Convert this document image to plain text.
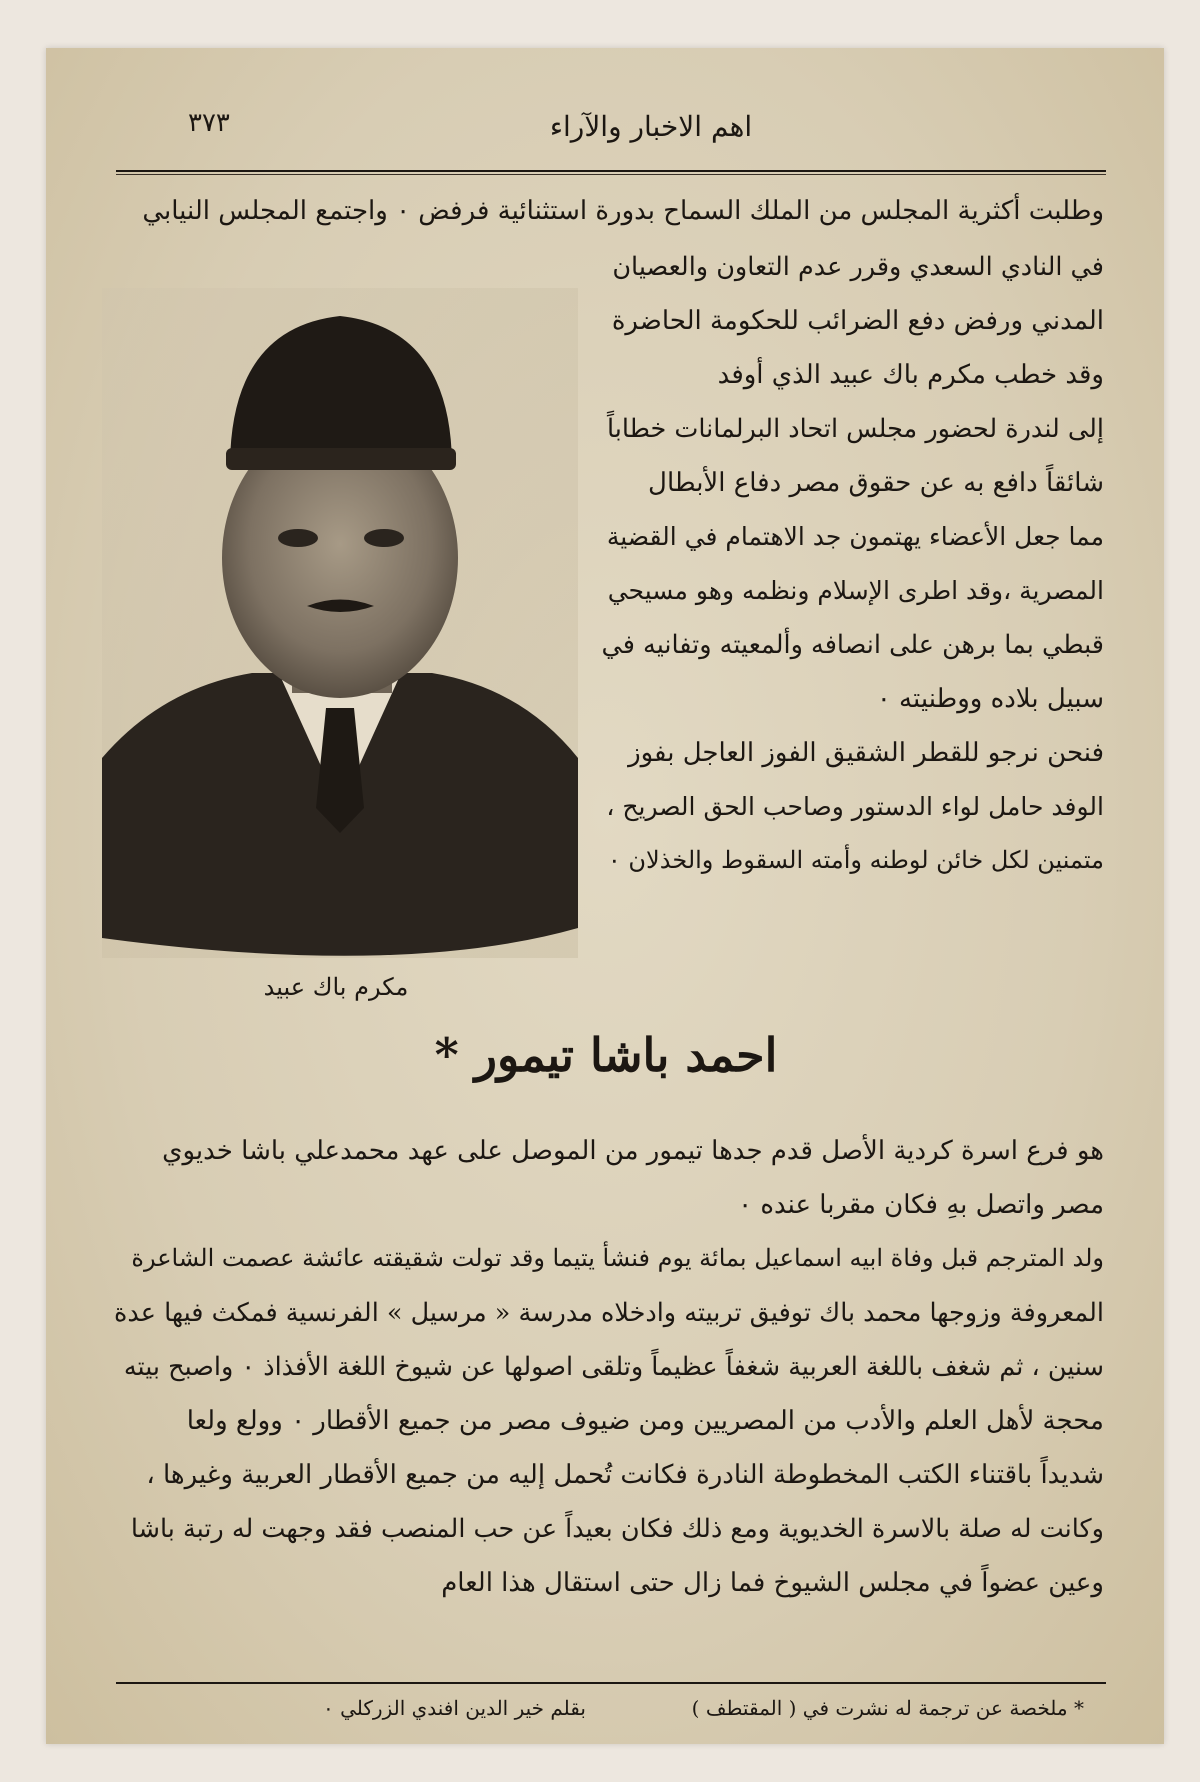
٣٧٣	اهم الاخبار والآراء
وطلبت أكثرية المجلس من الملك السماح بدورة استثنائية فرفض ٠ واجتمع المجلس النيابي
في النادي السعدي وقرر عدم التعاون والعصيان
المدني ورفض دفع الضرائب للحكومة الحاضرة
وقد خطب مكرم باك عبيد الذي أوفد
إلى لندرة لحضور مجلس اتحاد البرلمانات خطاباً
شائقاً دافع به عن حقوق مصر دفاع الأبطال
مما جعل الأعضاء يهتمون جد الاهتمام في القضية
المصرية ،وقد اطرى الإسلام ونظمه وهو مسيحي
قبطي بما برهن على انصافه وألمعيته وتفانيه في
سبيل بلاده ووطنيته ٠
فنحن نرجو للقطر الشقيق الفوز العاجل بفوز
الوفد حامل لواء الدستور وصاحب الحق الصريح ،
متمنين لكل خائن لوطنه وأمته السقوط والخذلان ٠
مكرم باك عبيد
احمد باشا تيمور *
هو فرع اسرة كردية الأصل قدم جدها تيمور من الموصل على عهد محمدعلي باشا خديوي
مصر واتصل بهِ فكان مقربا عنده ٠
ولد المترجم قبل وفاة ابيه اسماعيل بمائة يوم فنشأ يتيما وقد تولت شقيقته عائشة عصمت الشاعرة
المعروفة وزوجها محمد باك توفيق تربيته وادخلاه مدرسة « مرسيل » الفرنسية فمكث فيها عدة
سنين ، ثم شغف باللغة العربية شغفاً عظيماً وتلقى اصولها عن شيوخ اللغة الأفذاذ ٠ واصبح بيته
محجة لأهل العلم والأدب من المصريين ومن ضيوف مصر من جميع الأقطار ٠ وولع ولعا
شديداً باقتناء الكتب المخطوطة النادرة فكانت تُحمل إليه من جميع الأقطار العربية وغيرها ،
وكانت له صلة بالاسرة الخديوية ومع ذلك فكان بعيداً عن حب المنصب فقد وجهت له رتبة باشا
وعين عضواً في مجلس الشيوخ فما زال حتى استقال هذا العام
* ملخصة عن ترجمة له نشرت في ( المقتطف )
بقلم خير الدين افندي الزركلي ٠
